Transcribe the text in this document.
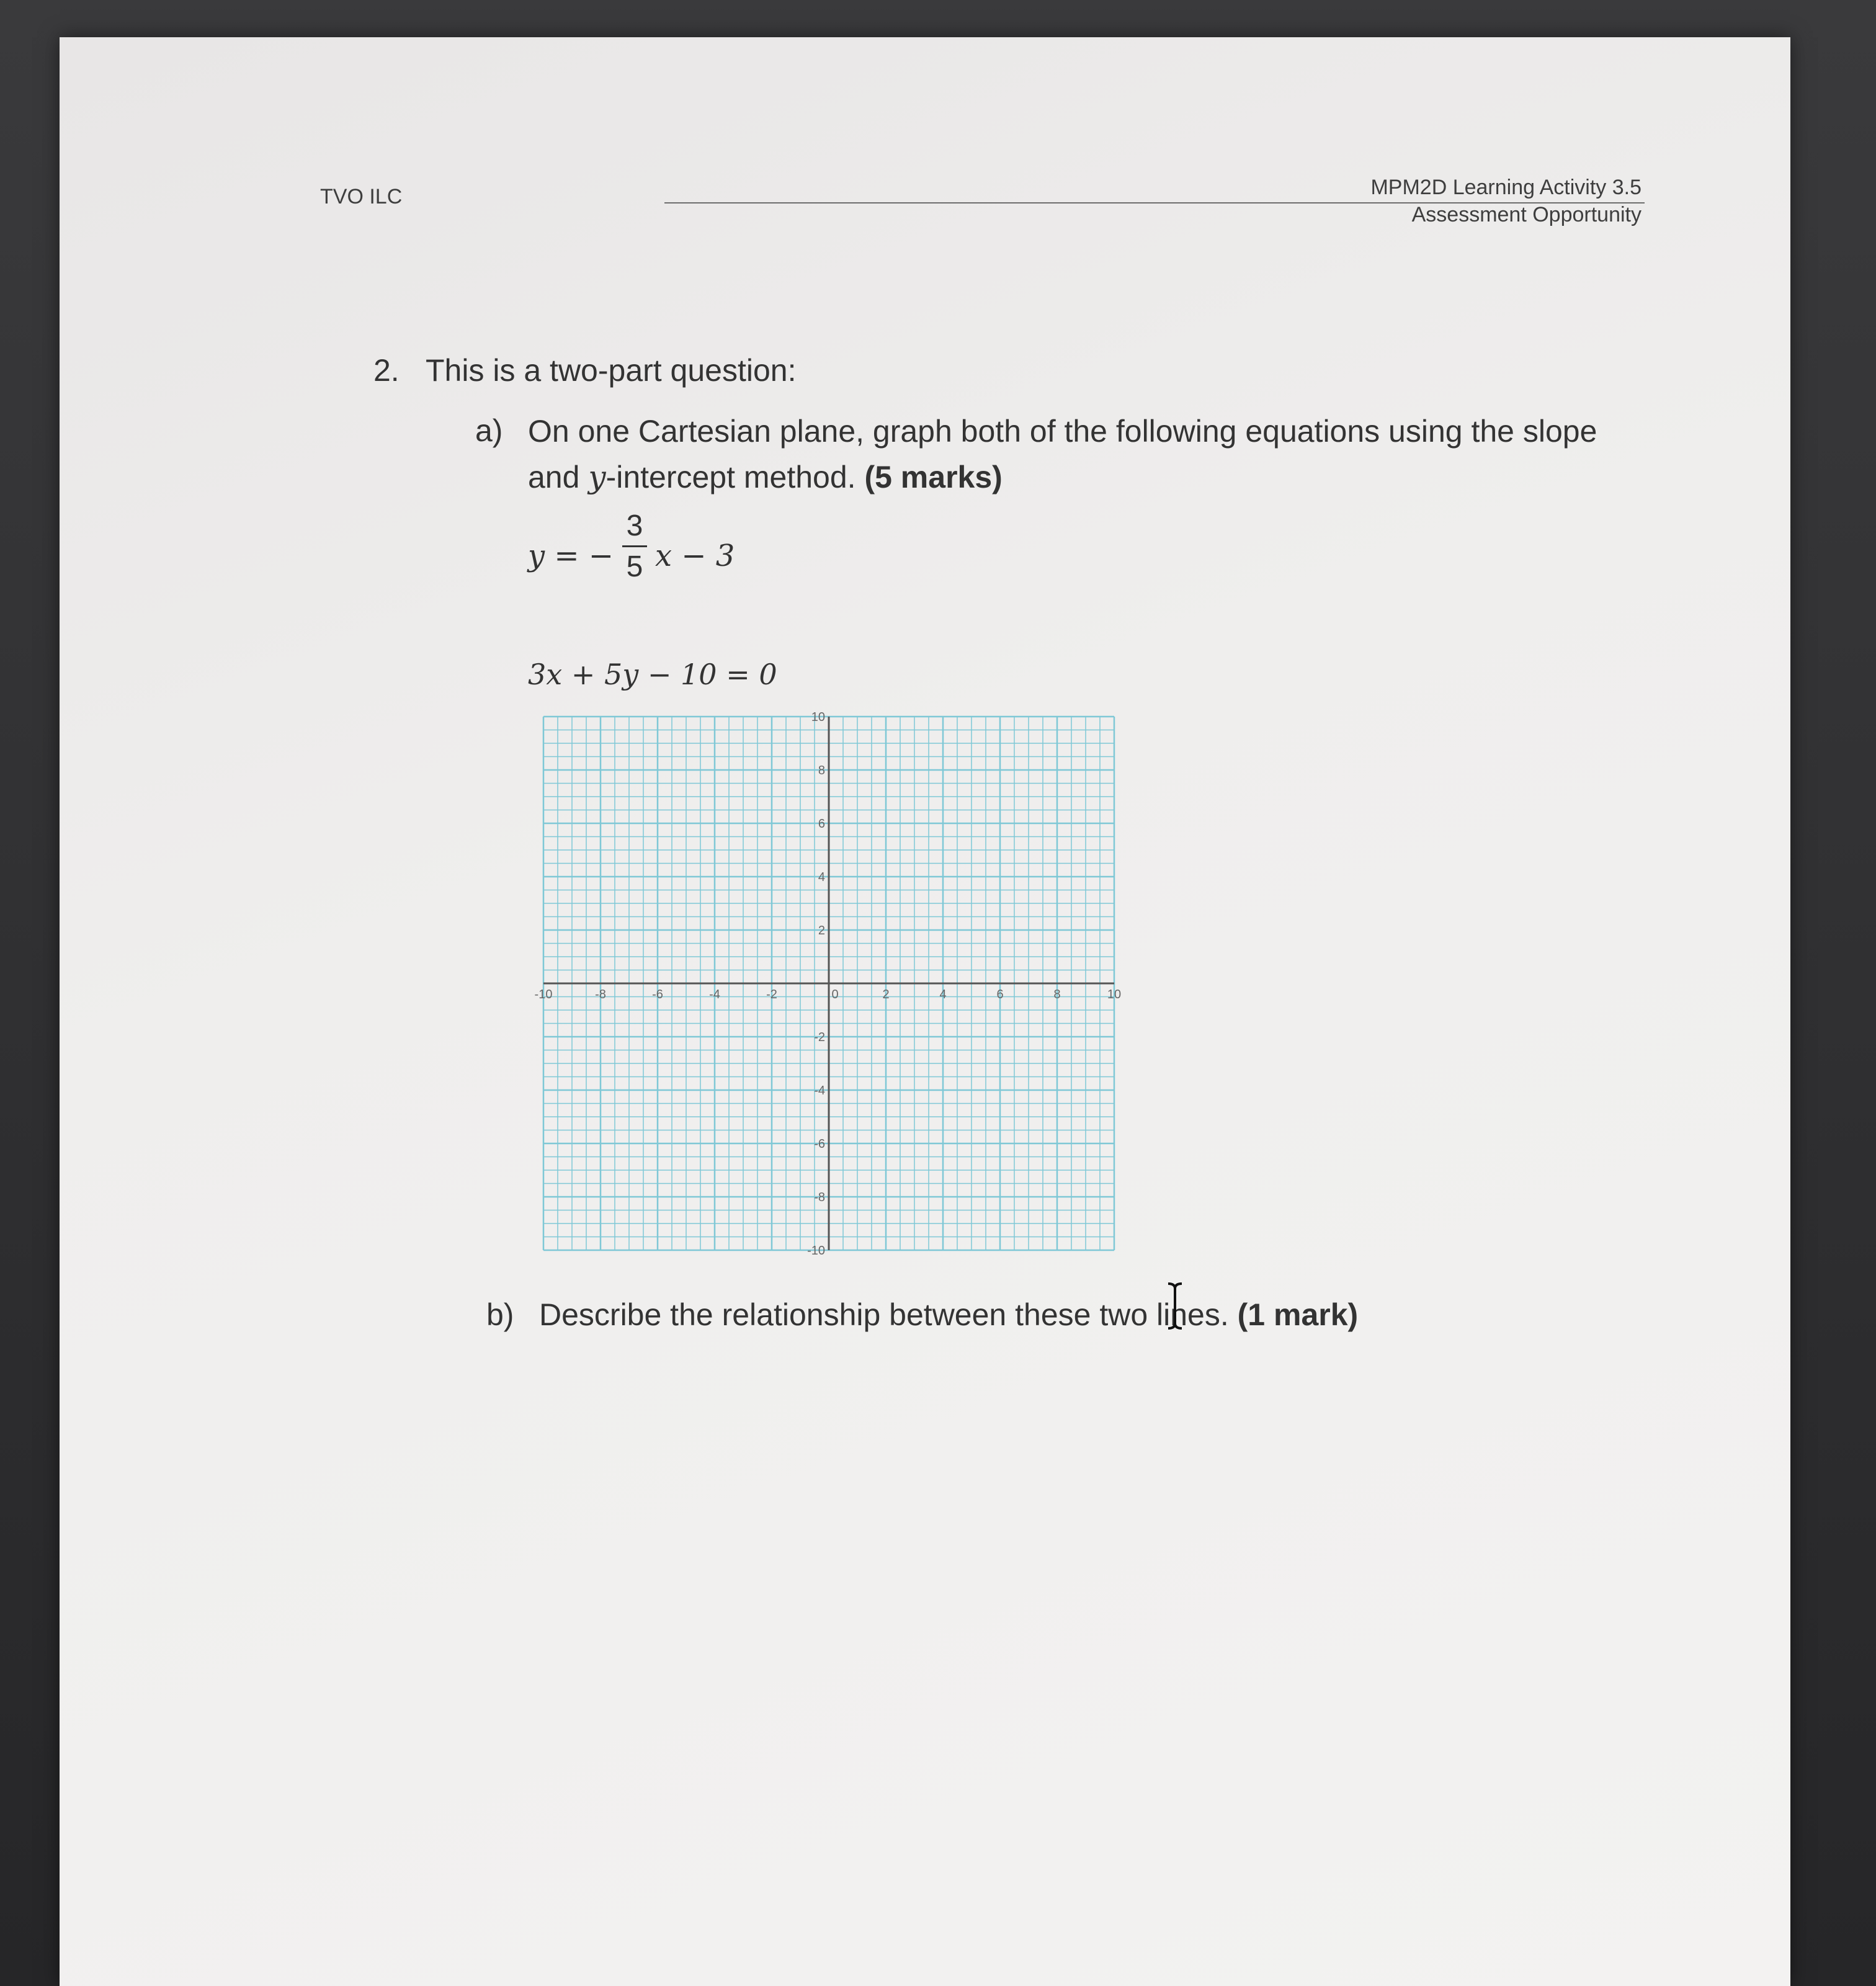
TVO ILC	MPM2D Learning Activity 3.5
Assessment Opportunity
2. This is a two-part question:
a) On one Cartesian plane, graph both of the following equations using the slope and y-intercept method. (5 marks)
y = −
3
5 x − 3
3x + 5y − 10 = 0
-10	-8	-6	-4	-2	0	2	4	6	8	10
10
8
6
4
2
-2
-4
-6
-8
-10
b) Describe the relationship between these two lines. (1 mark)
